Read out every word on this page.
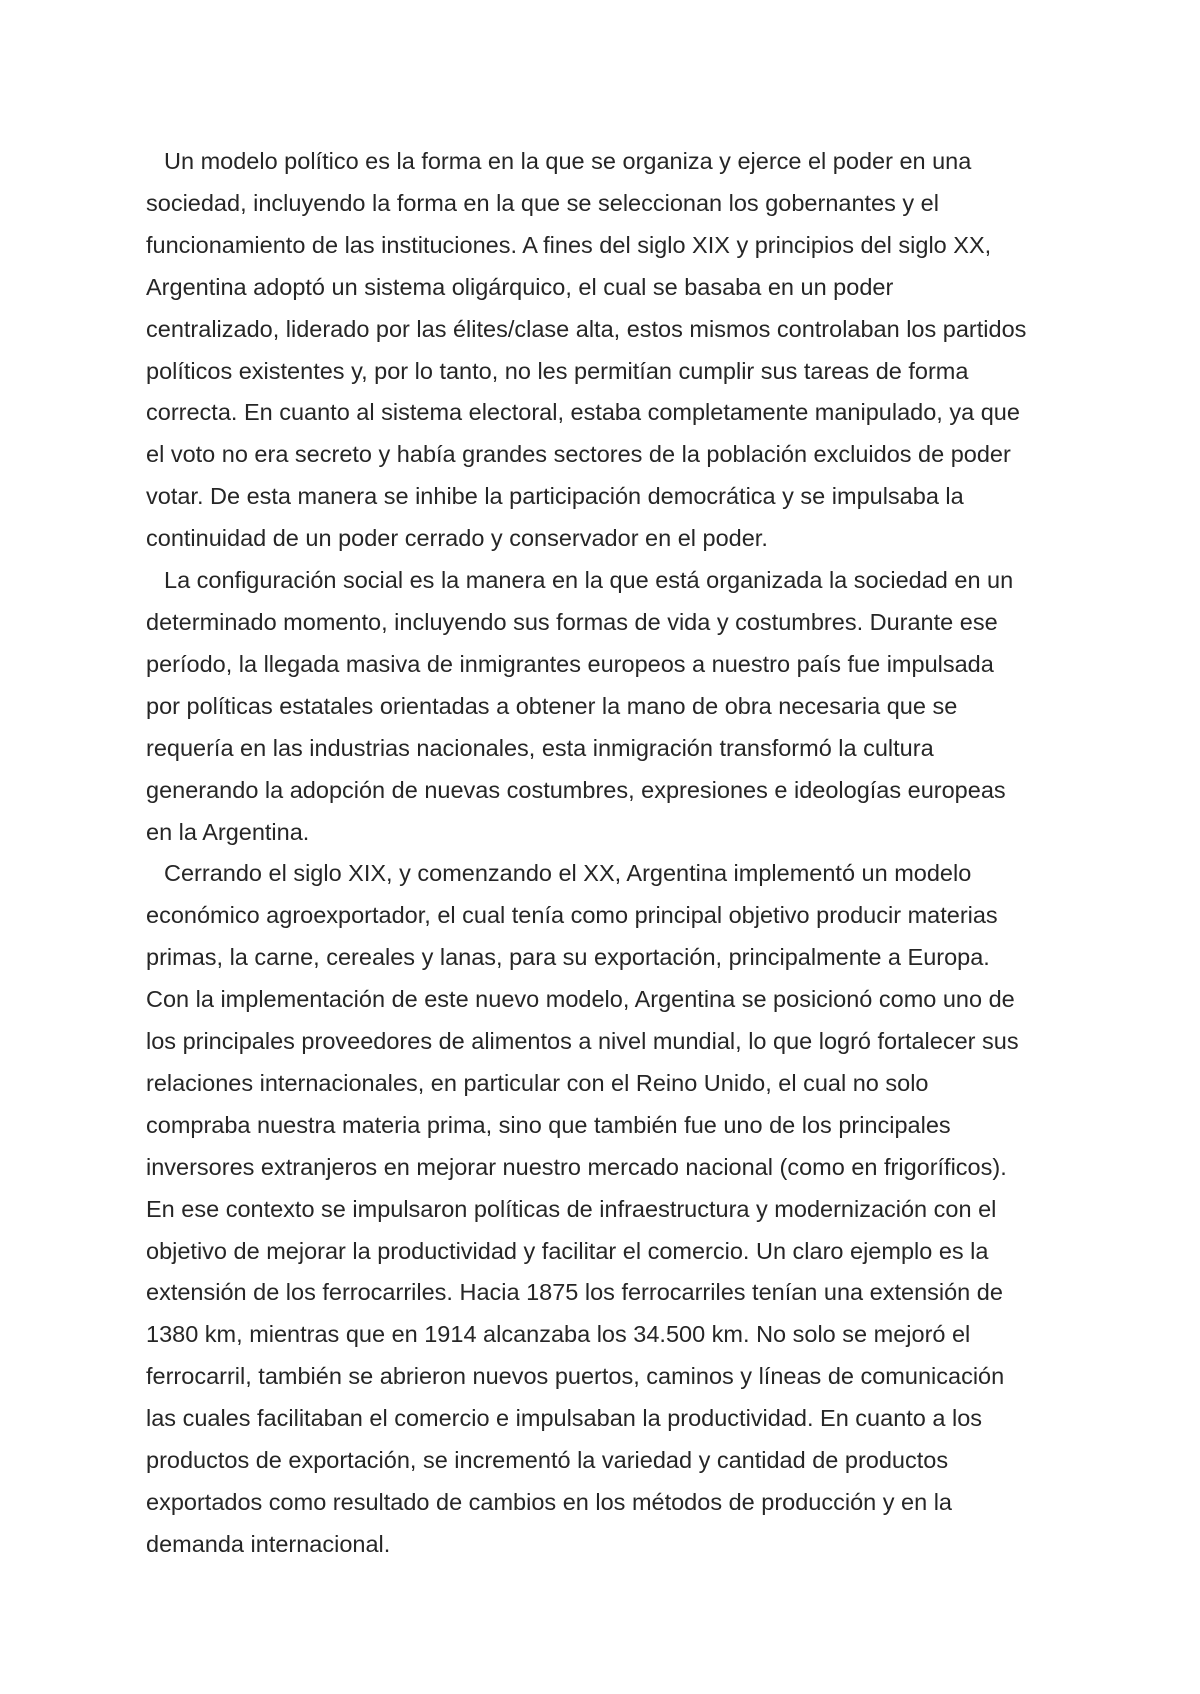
Un modelo político es la forma en la que se organiza y ejerce el poder en una
sociedad, incluyendo la forma en la que se seleccionan los gobernantes y el
funcionamiento de las instituciones. A fines del siglo XIX y principios del siglo XX,
Argentina adoptó un sistema oligárquico, el cual se basaba en un poder
centralizado, liderado por las élites/clase alta, estos mismos controlaban los partidos
políticos existentes y, por lo tanto, no les permitían cumplir sus tareas de forma
correcta. En cuanto al sistema electoral, estaba completamente manipulado, ya que
el voto no era secreto y había grandes sectores de la población excluidos de poder
votar. De esta manera se inhibe la participación democrática y se impulsaba la
continuidad de un poder cerrado y conservador en el poder.

La configuración social es la manera en la que está organizada la sociedad en un
determinado momento, incluyendo sus formas de vida y costumbres. Durante ese
período, la llegada masiva de inmigrantes europeos a nuestro país fue impulsada
por políticas estatales orientadas a obtener la mano de obra necesaria que se
requería en las industrias nacionales, esta inmigración transformó la cultura
generando la adopción de nuevas costumbres, expresiones e ideologías europeas
en la Argentina.

Cerrando el siglo XIX, y comenzando el XX, Argentina implementó un modelo
económico agroexportador, el cual tenía como principal objetivo producir materias
primas, la carne, cereales y lanas, para su exportación, principalmente a Europa.
Con la implementación de este nuevo modelo, Argentina se posicionó como uno de
los principales proveedores de alimentos a nivel mundial, lo que logró fortalecer sus
relaciones internacionales, en particular con el Reino Unido, el cual no solo
compraba nuestra materia prima, sino que también fue uno de los principales
inversores extranjeros en mejorar nuestro mercado nacional (como en frigoríficos).
En ese contexto se impulsaron políticas de infraestructura y modernización con el
objetivo de mejorar la productividad y facilitar el comercio. Un claro ejemplo es la
extensión de los ferrocarriles. Hacia 1875 los ferrocarriles tenían una extensión de
1380 km, mientras que en 1914 alcanzaba los 34.500 km. No solo se mejoró el
ferrocarril, también se abrieron nuevos puertos, caminos y líneas de comunicación
las cuales facilitaban el comercio e impulsaban la productividad. En cuanto a los
productos de exportación, se incrementó la variedad y cantidad de productos
exportados como resultado de cambios en los métodos de producción y en la
demanda internacional.
